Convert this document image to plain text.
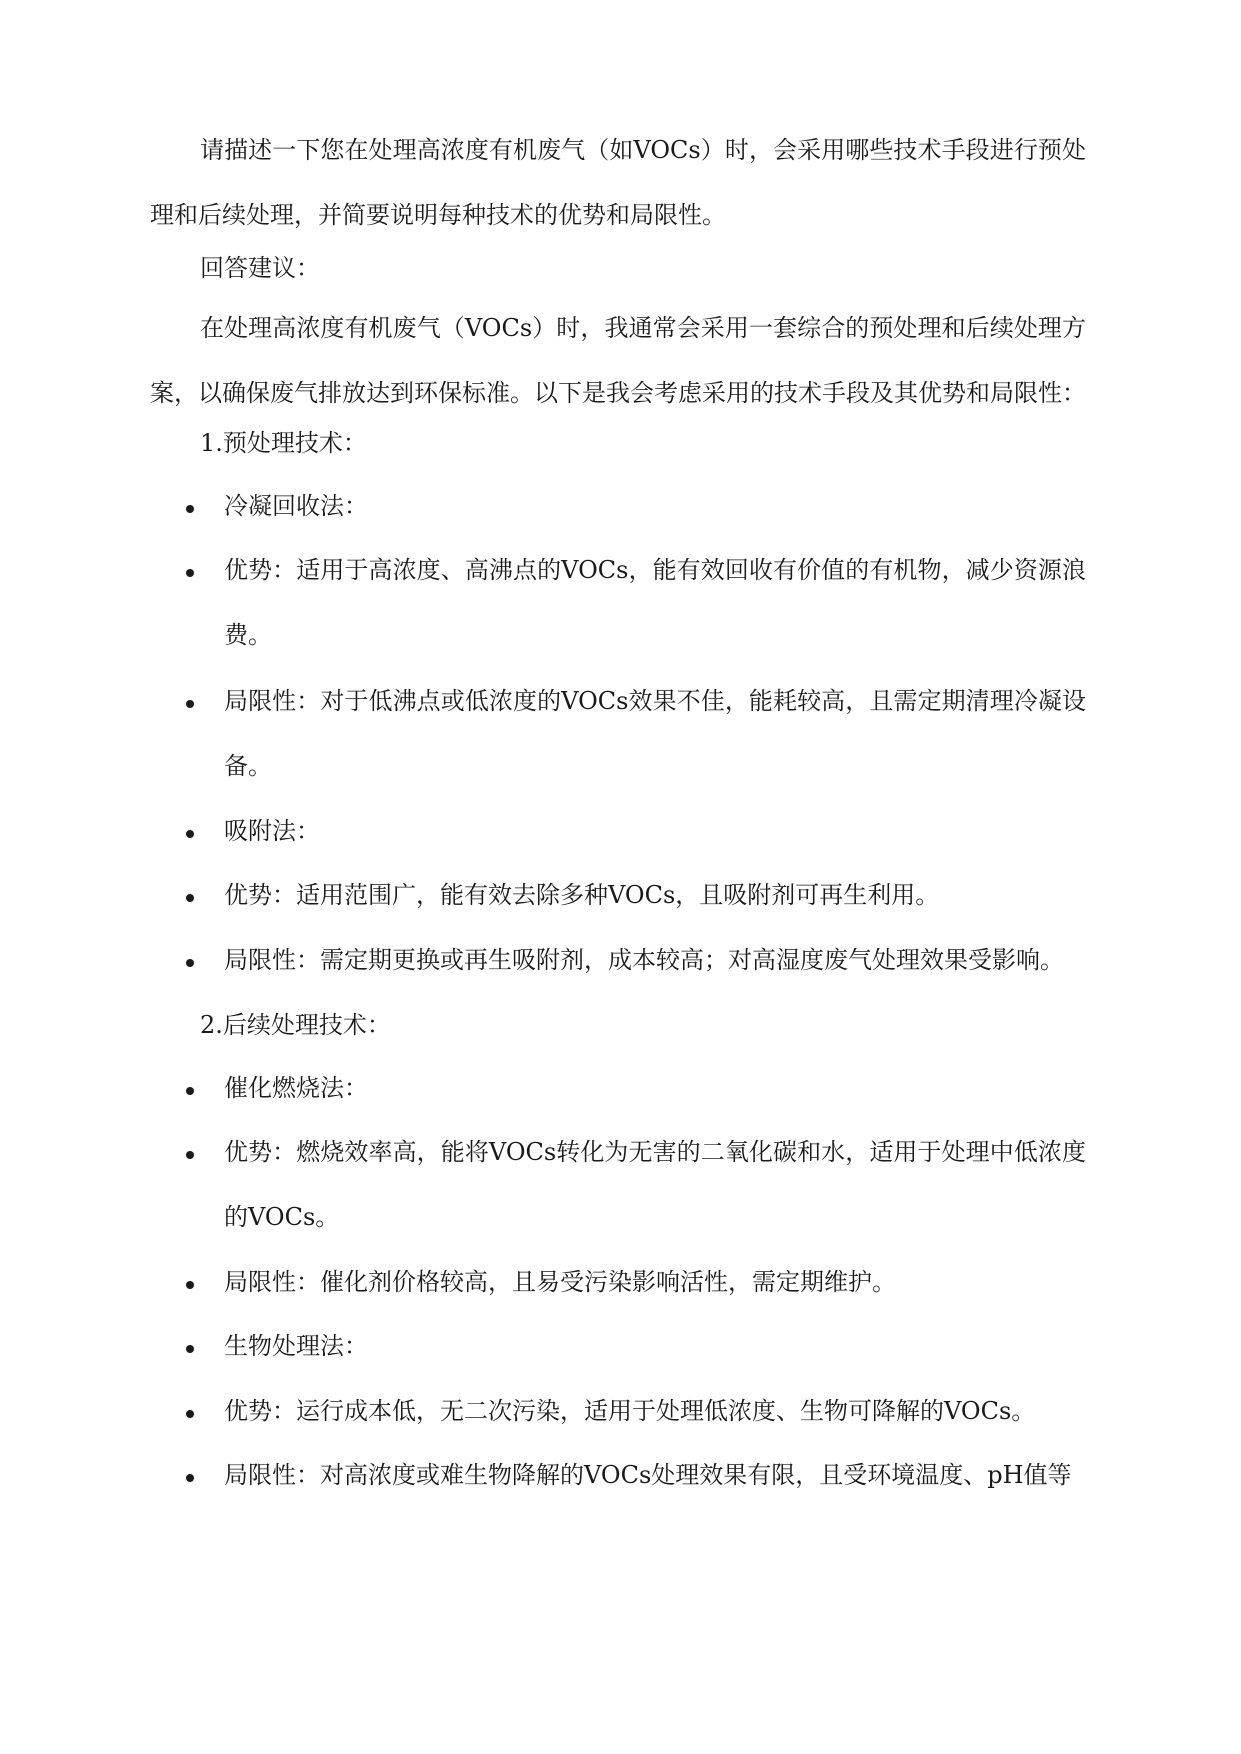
请描述一下您在处理高浓度有机废气（如VOCs）时，会采用哪些技术手段进行预处理和后续处理，并简要说明每种技术的优势和局限性。

回答建议：

在处理高浓度有机废气（VOCs）时，我通常会采用一套综合的预处理和后续处理方案，以确保废气排放达到环保标准。以下是我会考虑采用的技术手段及其优势和局限性：

1.预处理技术：

冷凝回收法：

优势：适用于高浓度、高沸点的VOCs，能有效回收有价值的有机物，减少资源浪费。

局限性：对于低沸点或低浓度的VOCs效果不佳，能耗较高，且需定期清理冷凝设备。

吸附法：

优势：适用范围广，能有效去除多种VOCs，且吸附剂可再生利用。

局限性：需定期更换或再生吸附剂，成本较高；对高湿度废气处理效果受影响。

2.后续处理技术：

催化燃烧法：

优势：燃烧效率高，能将VOCs转化为无害的二氧化碳和水，适用于处理中低浓度的VOCs。

局限性：催化剂价格较高，且易受污染影响活性，需定期维护。

生物处理法：

优势：运行成本低，无二次污染，适用于处理低浓度、生物可降解的VOCs。

局限性：对高浓度或难生物降解的VOCs处理效果有限，且受环境温度、pH值等
